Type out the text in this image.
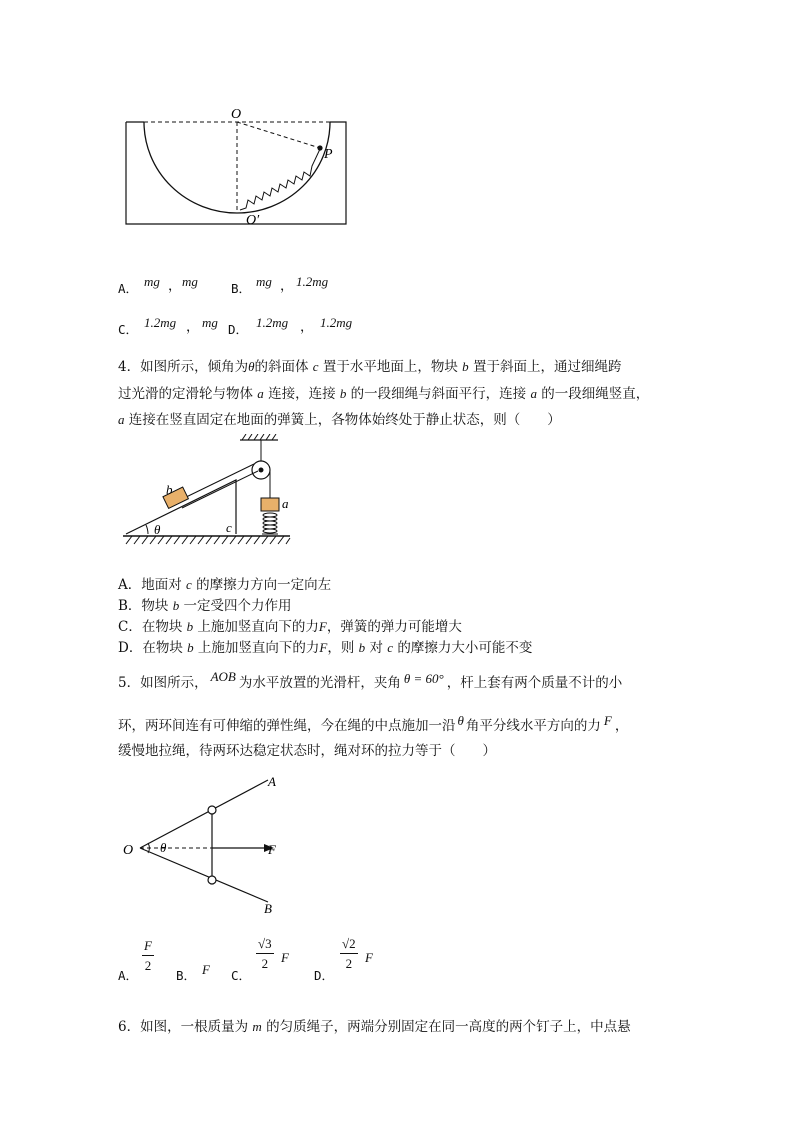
O
P
O′
A． mg ， mg	B． mg ， 1.2mg
C． 1.2mg ， mg D． 1.2mg ， 1.2mg
4．如图所示，倾角为θ的斜面体 c 置于水平地面上，物块 b 置于斜面上，通过细绳跨
过光滑的定滑轮与物体 a 连接，连接 b 的一段细绳与斜面平行，连接 a 的一段细绳竖直，
a 连接在竖直固定在地面的弹簧上，各物体始终处于静止状态，则（　　）
b
a
c
θ
A．地面对 c 的摩擦力方向一定向左
B．物块 b 一定受四个力作用
C．在物块 b 上施加竖直向下的力F，弹簧的弹力可能增大
D．在物块 b 上施加竖直向下的力F，则 b 对 c 的摩擦力大小可能不变
5．如图所示， AOB 为水平放置的光滑杆，夹角 θ = 60° ，杆上套有两个质量不计的小
环，两环间连有可伸缩的弹性绳，今在绳的中点施加一沿 θ 角平分线水平方向的力 F ，
缓慢地拉绳，待两环达稳定状态时，绳对环的拉力等于（　　）
A
B
O	F
θ
A．
$\frac{F}{2}$
B． F C．
$\frac{√3}{2}$ F
D．
$\frac{√2}{2}$ F
6．如图，一根质量为 m 的匀质绳子，两端分别固定在同一高度的两个钉子上，中点悬
